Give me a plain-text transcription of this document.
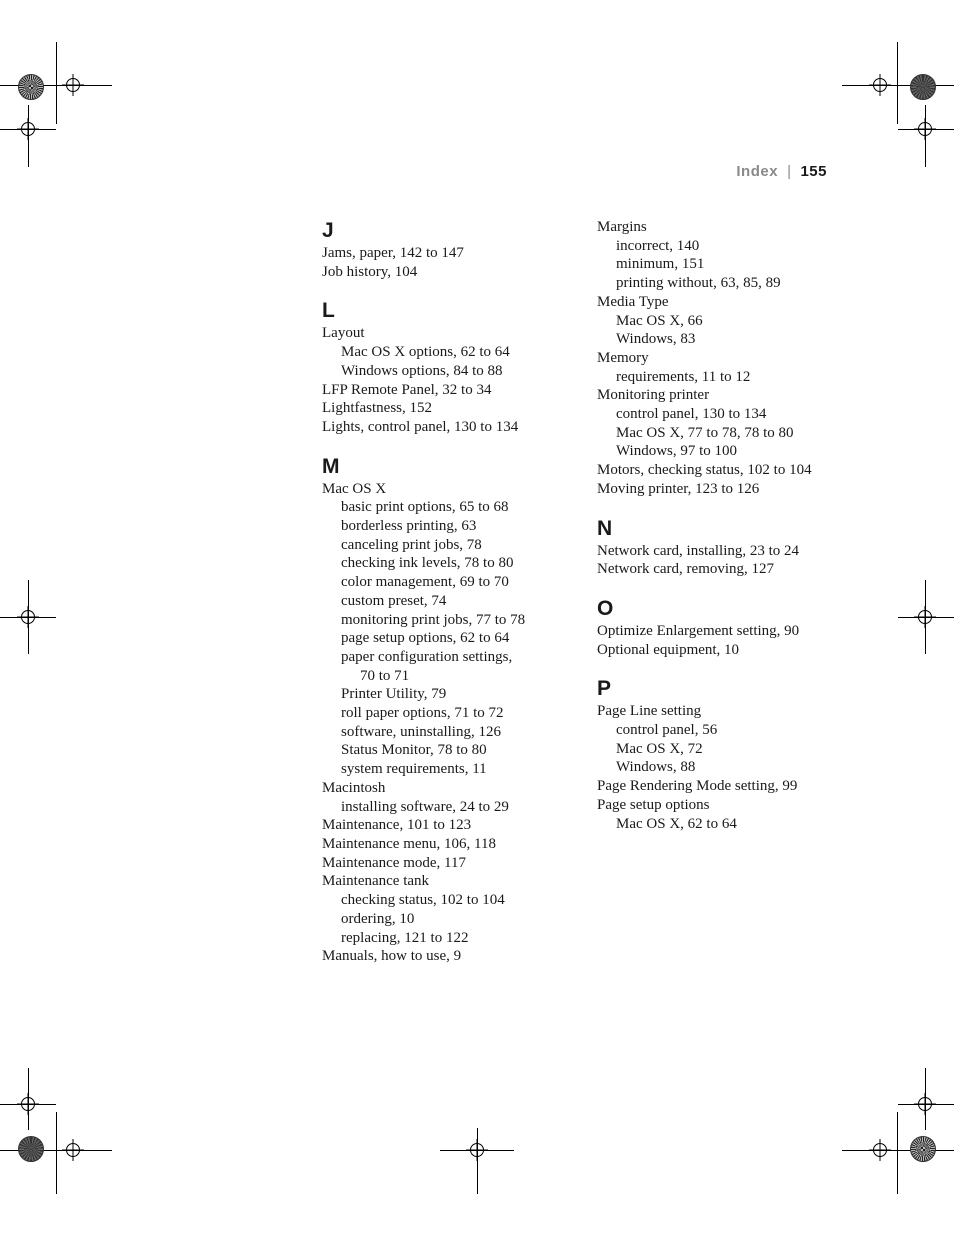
Index | 155
J
Jams, paper, 142 to 147
Job history, 104
L
Layout
Mac OS X options, 62 to 64
Windows options, 84 to 88
LFP Remote Panel, 32 to 34
Lightfastness, 152
Lights, control panel, 130 to 134
M
Mac OS X
basic print options, 65 to 68
borderless printing, 63
canceling print jobs, 78
checking ink levels, 78 to 80
color management, 69 to 70
custom preset, 74
monitoring print jobs, 77 to 78
page setup options, 62 to 64
paper configuration settings,
70 to 71
Printer Utility, 79
roll paper options, 71 to 72
software, uninstalling, 126
Status Monitor, 78 to 80
system requirements, 11
Macintosh
installing software, 24 to 29
Maintenance, 101 to 123
Maintenance menu, 106, 118
Maintenance mode, 117
Maintenance tank
checking status, 102 to 104
ordering, 10
replacing, 121 to 122
Manuals, how to use, 9
Margins
incorrect, 140
minimum, 151
printing without, 63, 85, 89
Media Type
Mac OS X, 66
Windows, 83
Memory
requirements, 11 to 12
Monitoring printer
control panel, 130 to 134
Mac OS X, 77 to 78, 78 to 80
Windows, 97 to 100
Motors, checking status, 102 to 104
Moving printer, 123 to 126
N
Network card, installing, 23 to 24
Network card, removing, 127
O
Optimize Enlargement setting, 90
Optional equipment, 10
P
Page Line setting
control panel, 56
Mac OS X, 72
Windows, 88
Page Rendering Mode setting, 99
Page setup options
Mac OS X, 62 to 64
